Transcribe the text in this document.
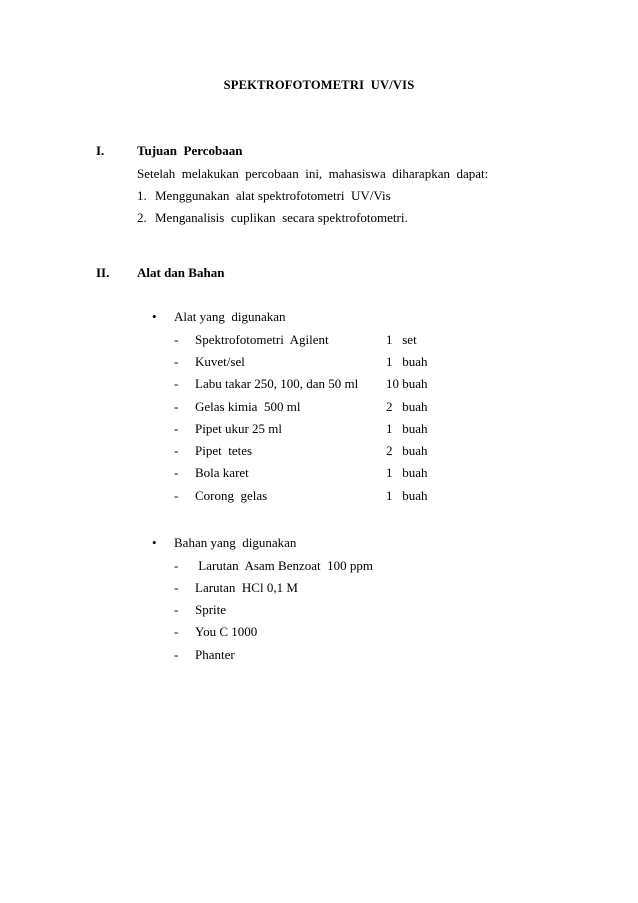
SPEKTROFOTOMETRI  UV/VIS
I.	Tujuan  Percobaan
Setelah  melakukan  percobaan  ini,  mahasiswa  diharapkan  dapat:
1. Menggunakan  alat spektrofotometri  UV/Vis
2. Menganalisis  cuplikan  secara spektrofotometri.
II. Alat dan Bahan
• Alat yang  digunakan
- Spektrofotometri  Agilent	1   set
- Kuvet/sel	1   buah
- Labu takar 250, 100, dan 50 ml 10 buah
- Gelas kimia  500 ml	2   buah
- Pipet ukur 25 ml	1   buah
- Pipet  tetes	2   buah
- Bola karet	1   buah
- Corong  gelas	1   buah
• Bahan yang  digunakan
- Larutan  Asam Benzoat  100 ppm
- Larutan  HCl 0,1 M
- Sprite
- You C 1000
- Phanter
